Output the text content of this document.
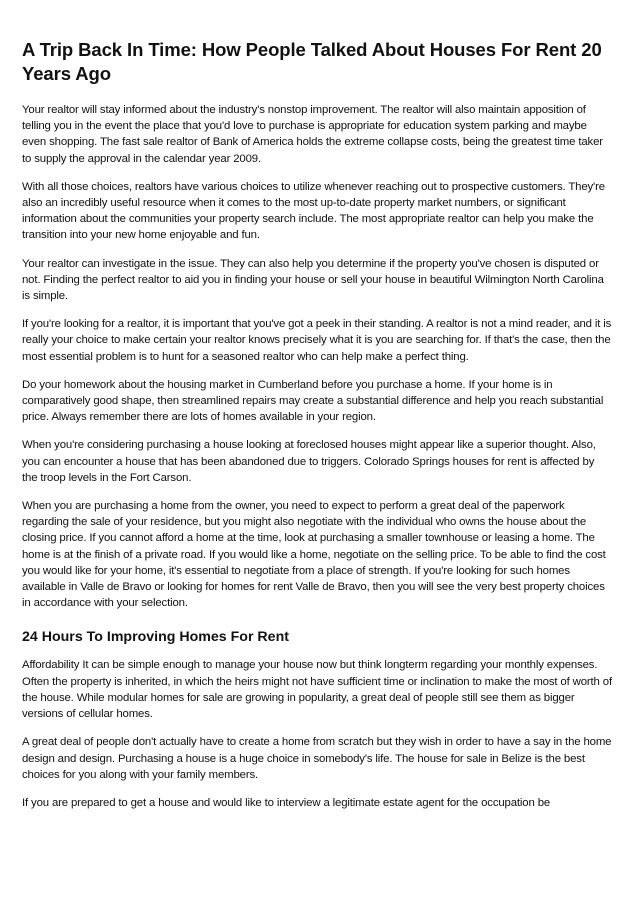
A Trip Back In Time: How People Talked About Houses For Rent 20 Years Ago

Your realtor will stay informed about the industry's nonstop improvement. The realtor will also maintain apposition of telling you in the event the place that you'd love to purchase is appropriate for education system parking and maybe even shopping. The fast sale realtor of Bank of America holds the extreme collapse costs, being the greatest time taker to supply the approval in the calendar year 2009.

With all those choices, realtors have various choices to utilize whenever reaching out to prospective customers. They're also an incredibly useful resource when it comes to the most up-to-date property market numbers, or significant information about the communities your property search include. The most appropriate realtor can help you make the transition into your new home enjoyable and fun.

Your realtor can investigate in the issue. They can also help you determine if the property you've chosen is disputed or not. Finding the perfect realtor to aid you in finding your house or sell your house in beautiful Wilmington North Carolina is simple.

If you're looking for a realtor, it is important that you've got a peek in their standing. A realtor is not a mind reader, and it is really your choice to make certain your realtor knows precisely what it is you are searching for. If that's the case, then the most essential problem is to hunt for a seasoned realtor who can help make a perfect thing.

Do your homework about the housing market in Cumberland before you purchase a home. If your home is in comparatively good shape, then streamlined repairs may create a substantial difference and help you reach substantial price. Always remember there are lots of homes available in your region.

When you're considering purchasing a house looking at foreclosed houses might appear like a superior thought. Also, you can encounter a house that has been abandoned due to triggers. Colorado Springs houses for rent is affected by the troop levels in the Fort Carson.

When you are purchasing a home from the owner, you need to expect to perform a great deal of the paperwork regarding the sale of your residence, but you might also negotiate with the individual who owns the house about the closing price. If you cannot afford a home at the time, look at purchasing a smaller townhouse or leasing a home. The home is at the finish of a private road. If you would like a home, negotiate on the selling price. To be able to find the cost you would like for your home, it's essential to negotiate from a place of strength. If you're looking for such homes available in Valle de Bravo or looking for homes for rent Valle de Bravo, then you will see the very best property choices in accordance with your selection.

24 Hours To Improving Homes For Rent

Affordability It can be simple enough to manage your house now but think longterm regarding your monthly expenses. Often the property is inherited, in which the heirs might not have sufficient time or inclination to make the most of worth of the house. While modular homes for sale are growing in popularity, a great deal of people still see them as bigger versions of cellular homes.

A great deal of people don't actually have to create a home from scratch but they wish in order to have a say in the home design and design. Purchasing a house is a huge choice in somebody's life. The house for sale in Belize is the best choices for you along with your family members.

If you are prepared to get a house and would like to interview a legitimate estate agent for the occupation be
